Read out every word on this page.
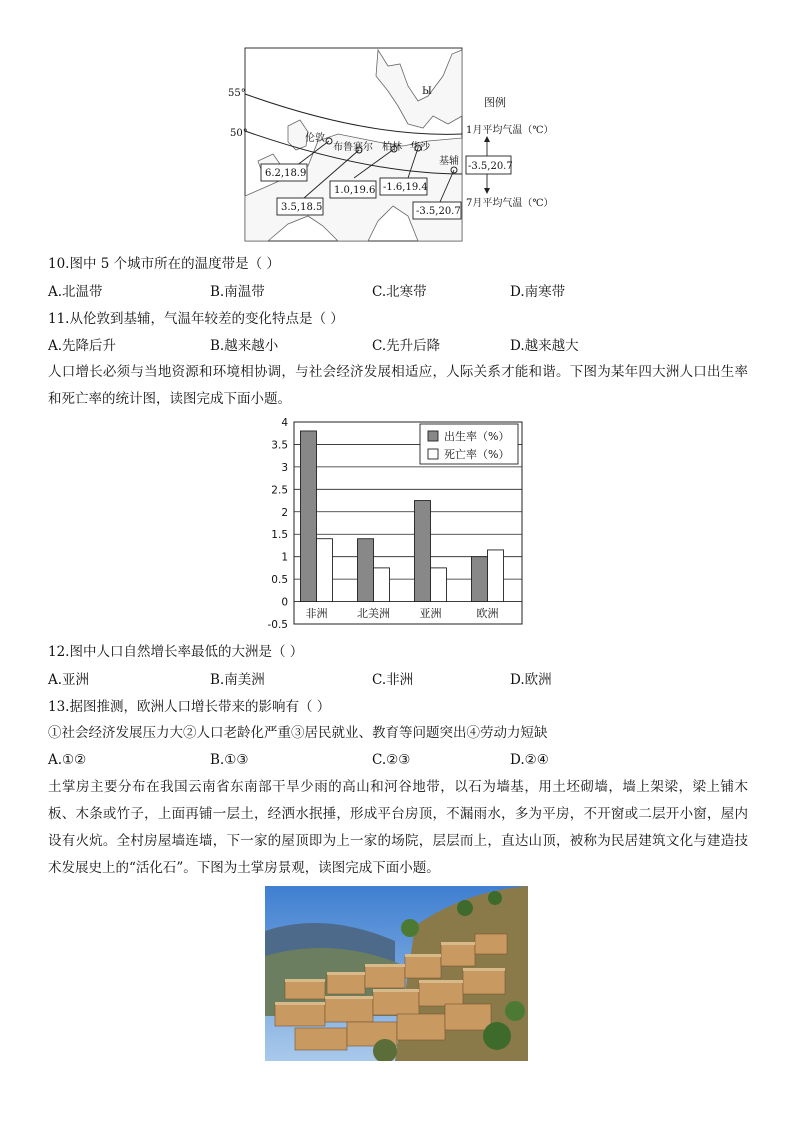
55°
50°
Ы
伦敦
布鲁塞尔 柏林 华沙
基辅
6.2,18.9
3.5,18.5
1.0,19.6 -1.6,19.4
-3.5,20.7
图例
1月平均气温（℃）
-3.5,20.7
7月平均气温（℃）
10.图中 5 个城市所在的温度带是（ ）
A.北温带	B.南温带	C.北寒带	D.南寒带
11.从伦敦到基辅，气温年较差的变化特点是（ ）
A.先降后升	B.越来越小	C.先升后降	D.越来越大
人口增长必须与当地资源和环境相协调，与社会经济发展相适应，人际关系才能和谐。下图为某年四大洲人口出生率和死亡率的统计图，读图完成下面小题。
4
3.5
3
2.5
2
1.5
1
0.5
0
-0.5
非洲	北美洲	亚洲	欧洲
出生率（%）
死亡率（%）
12.图中人口自然增长率最低的大洲是（ ）
A.亚洲	B.南美洲	C.非洲	D.欧洲
13.据图推测，欧洲人口增长带来的影响有（ ）
①社会经济发展压力大②人口老龄化严重③居民就业、教育等问题突出④劳动力短缺
A.①②	B.①③	C.②③	D.②④
土掌房主要分布在我国云南省东南部干旱少雨的高山和河谷地带，以石为墙基，用土坯砌墙，墙上架梁，梁上铺木板、木条或竹子，上面再铺一层土，经洒水抿捶，形成平台房顶，不漏雨水，多为平房，不开窗或二层开小窗，屋内设有火炕。全村房屋墙连墙，下一家的屋顶即为上一家的场院，层层而上，直达山顶，被称为民居建筑文化与建造技术发展史上的“活化石”。下图为土掌房景观，读图完成下面小题。
